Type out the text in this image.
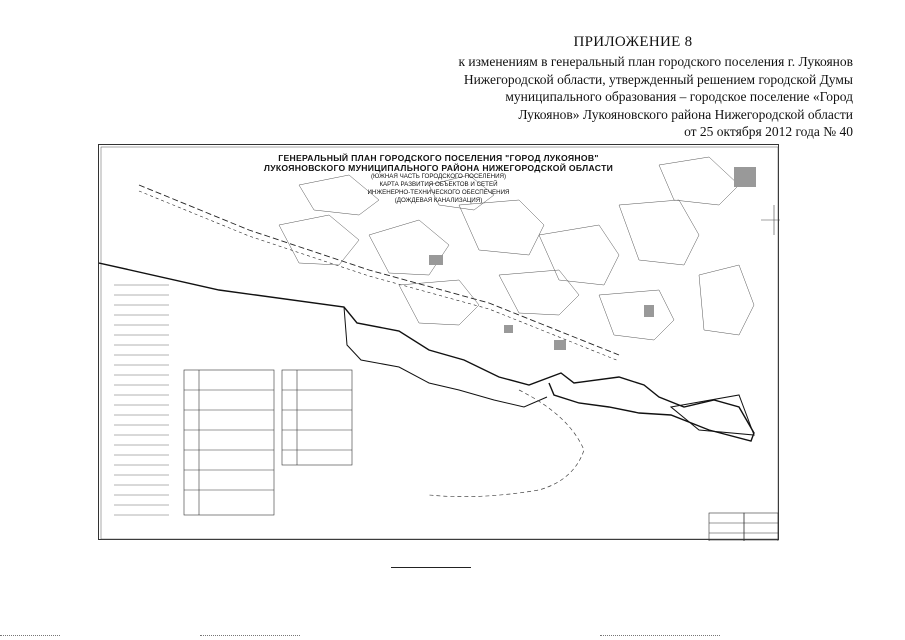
ПРИЛОЖЕНИЕ 8
к изменениям в генеральный план городского поселения г. Лукоянов
Нижегородской области, утвержденный решением городской Думы
муниципального образования – городское поселение «Город
Лукоянов» Лукояновского района Нижегородской области
от 25 октября 2012 года № 40
ГЕНЕРАЛЬНЫЙ ПЛАН ГОРОДСКОГО ПОСЕЛЕНИЯ "ГОРОД ЛУКОЯНОВ"
ЛУКОЯНОВСКОГО МУНИЦИПАЛЬНОГО РАЙОНА НИЖЕГОРОДСКОЙ ОБЛАСТИ
(ЮЖНАЯ ЧАСТЬ ГОРОДСКОГО ПОСЕЛЕНИЯ)
КАРТА РАЗВИТИЯ ОБЪЕКТОВ И СЕТЕЙ
ИНЖЕНЕРНО-ТЕХНИЧЕСКОГО ОБЕСПЕЧЕНИЯ
(ДОЖДЕВАЯ КАНАЛИЗАЦИЯ)
